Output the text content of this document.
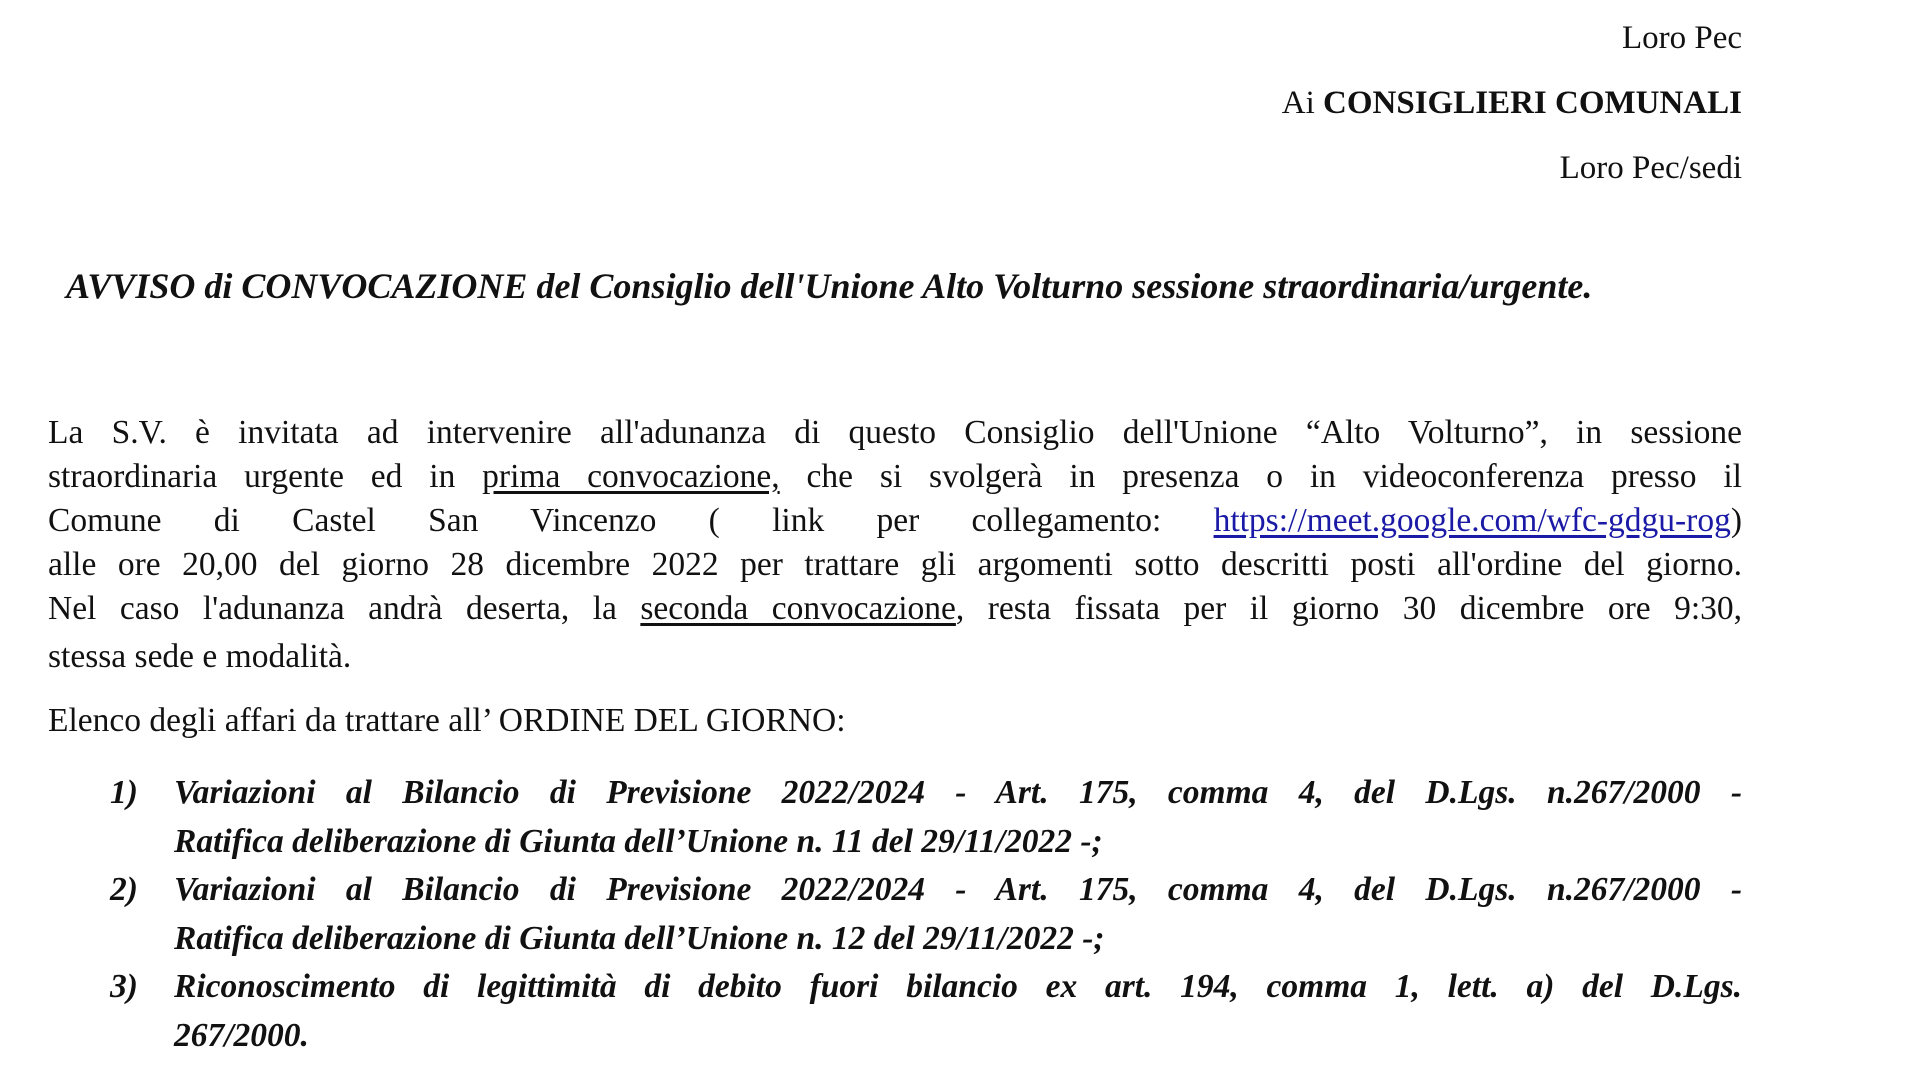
Loro Pec
Ai CONSIGLIERI COMUNALI
Loro Pec/sedi
AVVISO di CONVOCAZIONE del Consiglio dell'Unione Alto Volturno sessione straordinaria/urgente.
La S.V. è invitata ad intervenire all'adunanza di questo Consiglio dell'Unione “Alto Volturno”, in sessione
straordinaria urgente ed in prima convocazione, che si svolgerà in presenza o in videoconferenza presso il
Comune di Castel San Vincenzo ( link per collegamento: https://meet.google.com/wfc-gdgu-rog)
alle ore 20,00 del giorno 28 dicembre 2022 per trattare gli argomenti sotto descritti posti all'ordine del giorno.
Nel caso l'adunanza andrà deserta, la seconda convocazione, resta fissata per il giorno 30 dicembre ore 9:30,
stessa sede e modalità.
Elenco degli affari da trattare all’ ORDINE DEL GIORNO:
1) Variazioni al Bilancio di Previsione 2022/2024 - Art. 175, comma 4, del D.Lgs. n.267/2000 -
Ratifica deliberazione di Giunta dell’Unione n. 11 del 29/11/2022 -;
2) Variazioni al Bilancio di Previsione 2022/2024 - Art. 175, comma 4, del D.Lgs. n.267/2000 -
Ratifica deliberazione di Giunta dell’Unione n. 12 del 29/11/2022 -;
3) Riconoscimento di legittimità di debito fuori bilancio ex art. 194, comma 1, lett. a) del D.Lgs.
267/2000.
